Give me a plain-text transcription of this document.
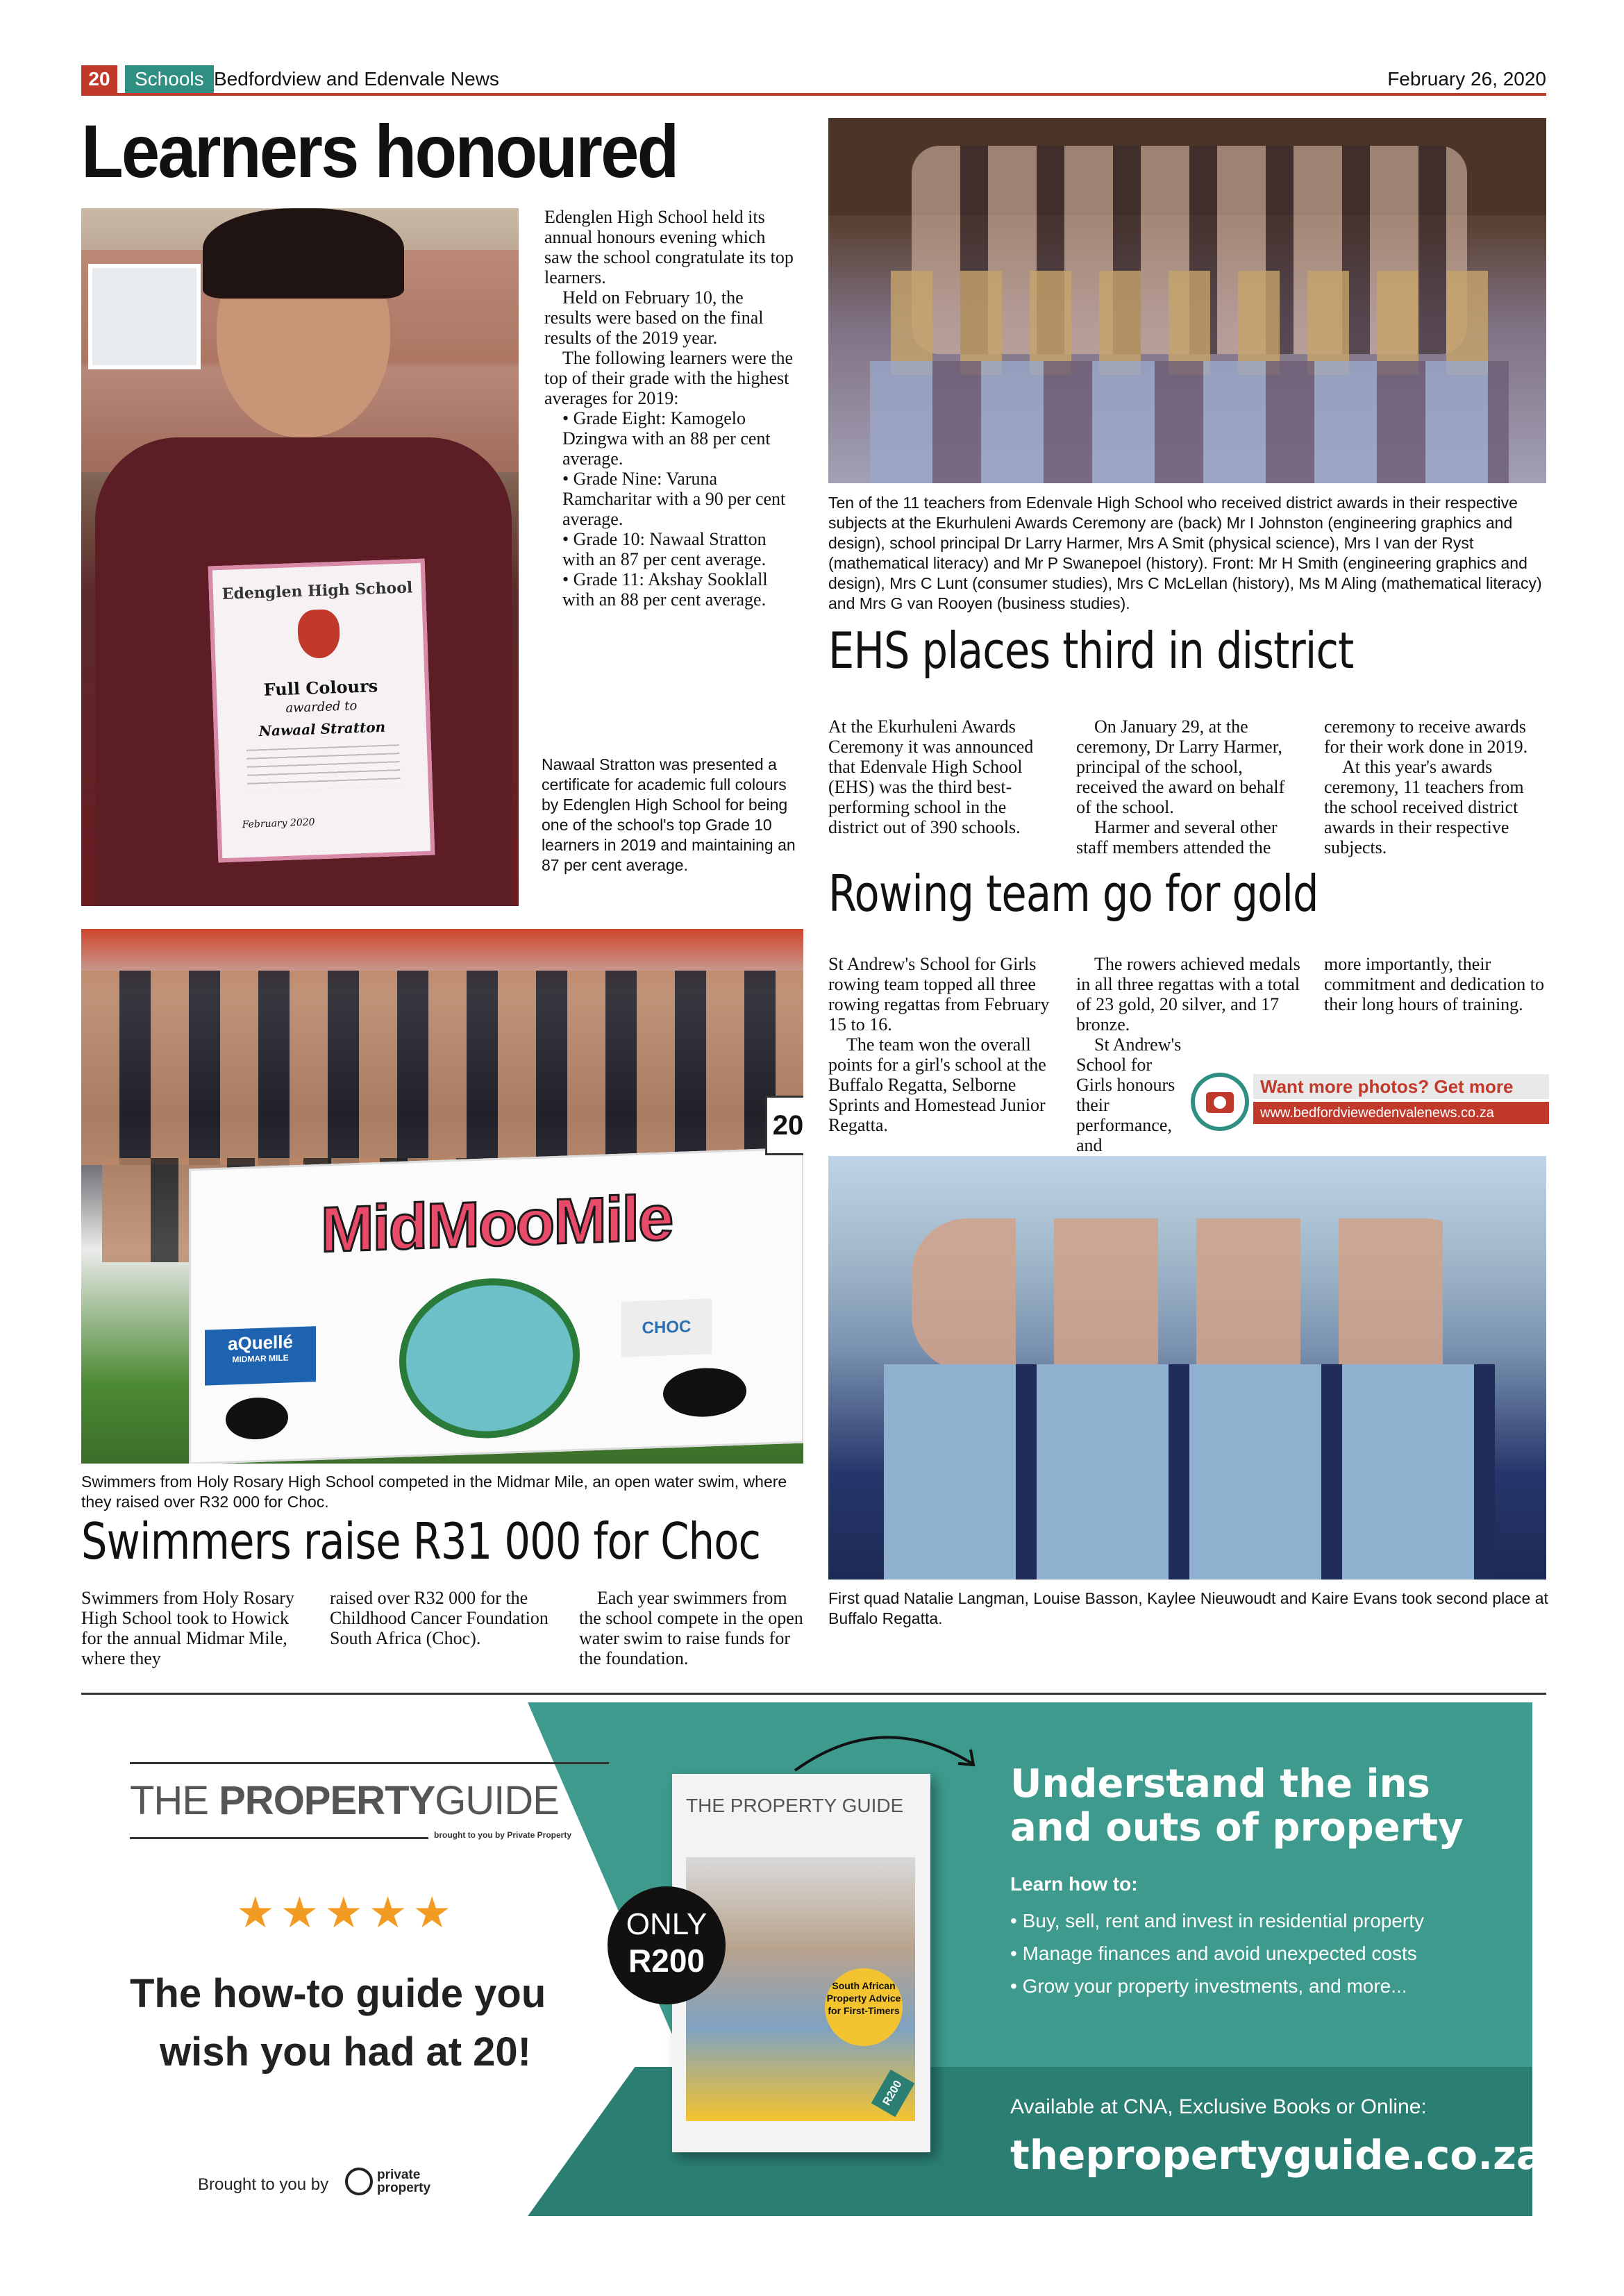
20	Schools Bedfordview and Edenvale News	February 26, 2020
Learners honoured
Edenglen High School
Full Colours
awarded to
Nawaal Stratton
February 2020

Edenglen High School held its annual honours evening which saw the school congratulate its top learners.

Held on February 10, the results were based on the final results of the 2019 year.

The following learners were the top of their grade with the highest averages for 2019:

• Grade Eight: Kamogelo Dzingwa with an 88 per cent average.
• Grade Nine: Varuna Ramcharitar with a 90 per cent average.
• Grade 10: Nawaal Stratton with an 87 per cent average.
• Grade 11: Akshay Sooklall with an 88 per cent average.
Nawaal Stratton was presented a certificate for academic full colours by Edenglen High School for being one of the school's top Grade 10 learners in 2019 and maintaining an 87 per cent average.
Ten of the 11 teachers from Edenvale High School who received district awards in their respective subjects at the Ekurhuleni Awards Ceremony are (back) Mr I Johnston (engineering graphics and design), school principal Dr Larry Harmer, Mrs A Smit (physical science), Mrs I van der Ryst (mathematical literacy) and Mr P Swanepoel (history). Front: Mr H Smith (engineering graphics and design), Mrs C Lunt (consumer studies), Mrs C McLellan (history), Ms M Aling (mathematical literacy) and Mrs G van Rooyen (business studies).
EHS places third in district
At the Ekurhuleni Awards Ceremony it was announced that Edenvale High School (EHS) was the third best-performing school in the district out of 390 schools.

On January 29, at the ceremony, Dr Larry Harmer, principal of the school, received the award on behalf of the school.

Harmer and several other staff members attended the

ceremony to receive awards for their work done in 2019.

At this year's awards ceremony, 11 teachers from the school received district awards in their respective subjects.

Rowing team go for gold

St Andrew's School for Girls rowing team topped all three rowing regattas from February 15 to 16.

The team won the overall points for a girl's school at the Buffalo Regatta, Selborne Sprints and Homestead Junior Regatta.

The rowers achieved medals in all three regattas with a total of 23 gold, 20 silver, and 17 bronze.

St Andrew's School for Girls honours their performance, and

more importantly, their commitment and dedication to their long hours of training.
Want more photos? Get more
www.bedfordviewedenvalenews.co.za
First quad Natalie Langman, Louise Basson, Kaylee Nieuwoudt and Kaire Evans took second place at Buffalo Regatta.
MidMooMile
aQuellé
MIDMAR MILE
CHOC
20
Swimmers from Holy Rosary High School competed in the Midmar Mile, an open water swim, where they raised over R32 000 for Choc.
Swimmers raise R31 000 for Choc
Swimmers from Holy Rosary High School took to Howick for the annual Midmar Mile, where they
raised over R32 000 for the Childhood Cancer Foundation South Africa (Choc).
Each year swimmers from the school compete in the open water swim to raise funds for the foundation.
THE PROPERTYGUIDE
brought to you by Private Property
★★★★★
The how-to guide you
wish you had at 20!
Brought to you by
private property
THE PROPERTY GUIDE
South African Property Advice for First-Timers
R200
ONLY
R200
Understand the ins
and outs of property
Learn how to:
• Buy, sell, rent and invest in residential property
• Manage finances and avoid unexpected costs
• Grow your property investments, and more...
Available at CNA, Exclusive Books or Online:
thepropertyguide.co.za
